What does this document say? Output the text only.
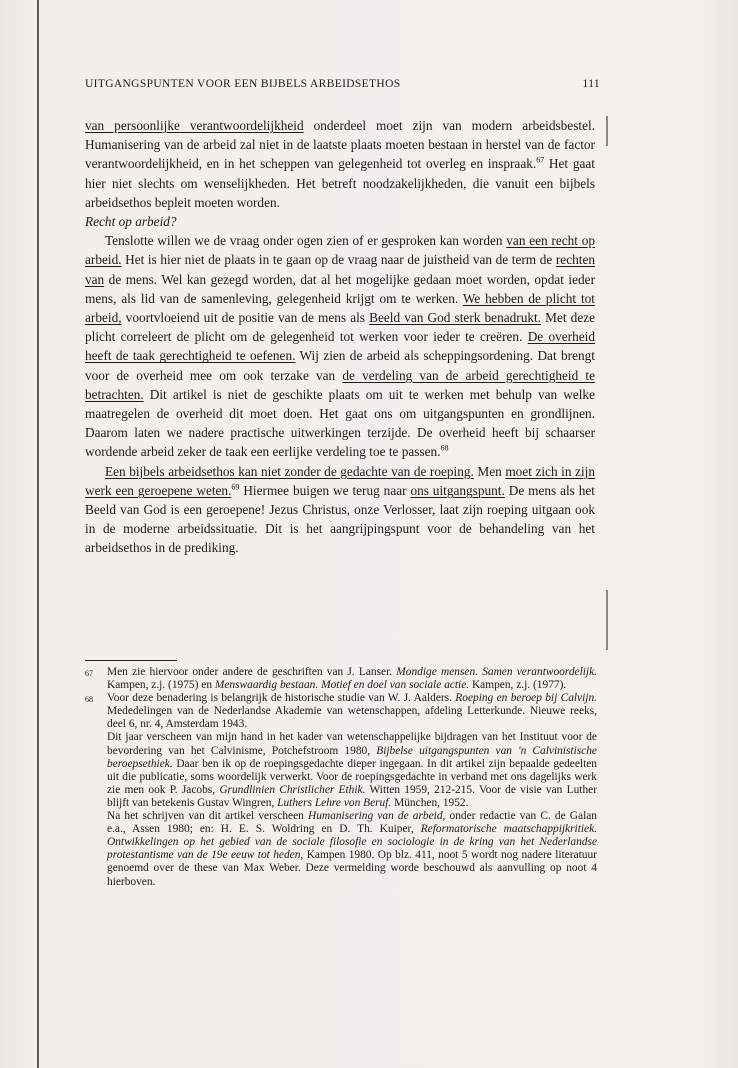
UITGANGSPUNTEN VOOR EEN BIJBELS ARBEIDSETHOS	111

van persoonlijke verantwoordelijkheid onderdeel moet zijn van modern arbeidsbestel. Humanisering van de arbeid zal niet in de laatste plaats moeten bestaan in herstel van de factor verantwoordelijkheid, en in het scheppen van gelegenheid tot overleg en inspraak.$^{67}$ Het gaat hier niet slechts om wenselijkheden. Het betreft noodzakelijkheden, die vanuit een bijbels arbeidsethos bepleit moeten worden.

Recht op arbeid?

Tenslotte willen we de vraag onder ogen zien of er gesproken kan worden van een recht op arbeid. Het is hier niet de plaats in te gaan op de vraag naar de juistheid van de term de rechten van de mens. Wel kan gezegd worden, dat al het mogelijke gedaan moet worden, opdat ieder mens, als lid van de samenleving, gelegenheid krijgt om te werken. We hebben de plicht tot arbeid, voortvloeiend uit de positie van de mens als Beeld van God sterk benadrukt. Met deze plicht correleert de plicht om de gelegenheid tot werken voor ieder te creëren. De overheid heeft de taak gerechtigheid te oefenen. Wij zien de arbeid als scheppingsordening. Dat brengt voor de overheid mee om ook terzake van de verdeling van de arbeid gerechtigheid te betrachten. Dit artikel is niet de geschikte plaats om uit te werken met behulp van welke maatregelen de overheid dit moet doen. Het gaat ons om uitgangspunten en grondlijnen. Daarom laten we nadere practische uitwerkingen terzijde. De overheid heeft bij schaarser wordende arbeid zeker de taak een eerlijke verdeling toe te passen.$^{68}$

Een bijbels arbeidsethos kan niet zonder de gedachte van de roeping. Men moet zich in zijn werk een geroepene weten.$^{69}$ Hiermee buigen we terug naar ons uitgangspunt. De mens als het Beeld van God is een geroepene! Jezus Christus, onze Verlosser, laat zijn roeping uitgaan ook in de moderne arbeidssituatie. Dit is het aangrijpingspunt voor de behandeling van het arbeidsethos in de prediking.

67	Men zie hiervoor onder andere de geschriften van J. Lanser. Mondige mensen. Samen verantwoordelijk. Kampen, z.j. (1975) en Menswaardig bestaan. Motief en doel van sociale actie. Kampen, z.j. (1977).
68	Voor deze benadering is belangrijk de historische studie van W. J. Aalders. Roeping en beroep bij Calvijn. Mededelingen van de Nederlandse Akademie van wetenschappen, afdeling Letterkunde. Nieuwe reeks, deel 6, nr. 4, Amsterdam 1943.

Dit jaar verscheen van mijn hand in het kader van wetenschappelijke bijdragen van het Instituut voor de bevordering van het Calvinisme, Potchefstroom 1980, Bijbelse uitgangspunten van 'n Calvinistische beroepsethiek. Daar ben ik op de roepingsgedachte dieper ingegaan. In dit artikel zijn bepaalde gedeelten uit die publicatie, soms woordelijk verwerkt. Voor de roepingsgedachte in verband met ons dagelijks werk zie men ook P. Jacobs, Grundlinien Christlicher Ethik. Witten 1959, 212-215. Voor de visie van Luther blijft van betekenis Gustav Wingren, Luthers Lehre von Beruf. München, 1952.

Na het schrijven van dit artikel verscheen Humanisering van de arbeid, onder redactie van C. de Galan e.a., Assen 1980; en: H. E. S. Woldring en D. Th. Kuiper, Reformatorische maatschappijkritiek. Ontwikkelingen op het gebied van de sociale filosofie en sociologie in de kring van het Nederlandse protestantisme van de 19e eeuw tot heden, Kampen 1980. Op blz. 411, noot 5 wordt nog nadere literatuur genoemd over de these van Max Weber. Deze vermelding worde beschouwd als aanvulling op noot 4 hierboven.
